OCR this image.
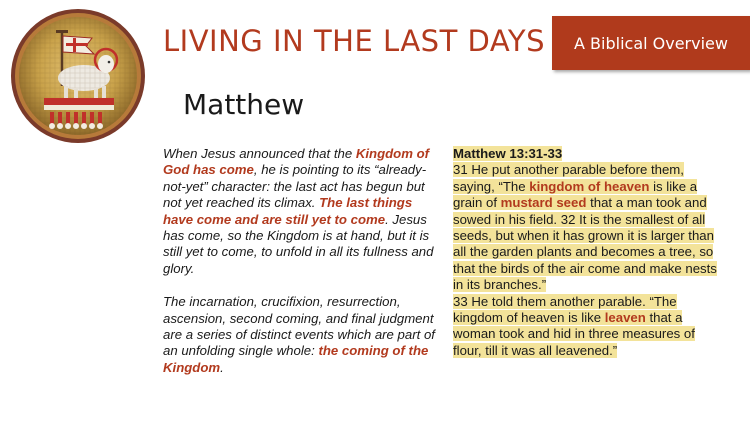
LIVING IN THE LAST DAYS	A Biblical Overview
Matthew

When Jesus announced that the Kingdom of God has come, he is pointing to its “already-not-yet” character: the last act has begun but not yet reached its climax. The last things have come and are still yet to come. Jesus has come, so the Kingdom is at hand, but it is still yet to come, to unfold in all its fullness and glory.

The incarnation, crucifixion, resurrection, ascension, second coming, and final judgment are a series of distinct events which are part of an unfolding single whole: the coming of the Kingdom.

Matthew 13:31-33
31 He put another parable before them, saying, “The kingdom of heaven is like a grain of mustard seed that a man took and sowed in his field. 32 It is the smallest of all seeds, but when it has grown it is larger than all the garden plants and becomes a tree, so that the birds of the air come and make nests in its branches.”
33 He told them another parable. “The kingdom of heaven is like leaven that a woman took and hid in three measures of flour, till it was all leavened.”
